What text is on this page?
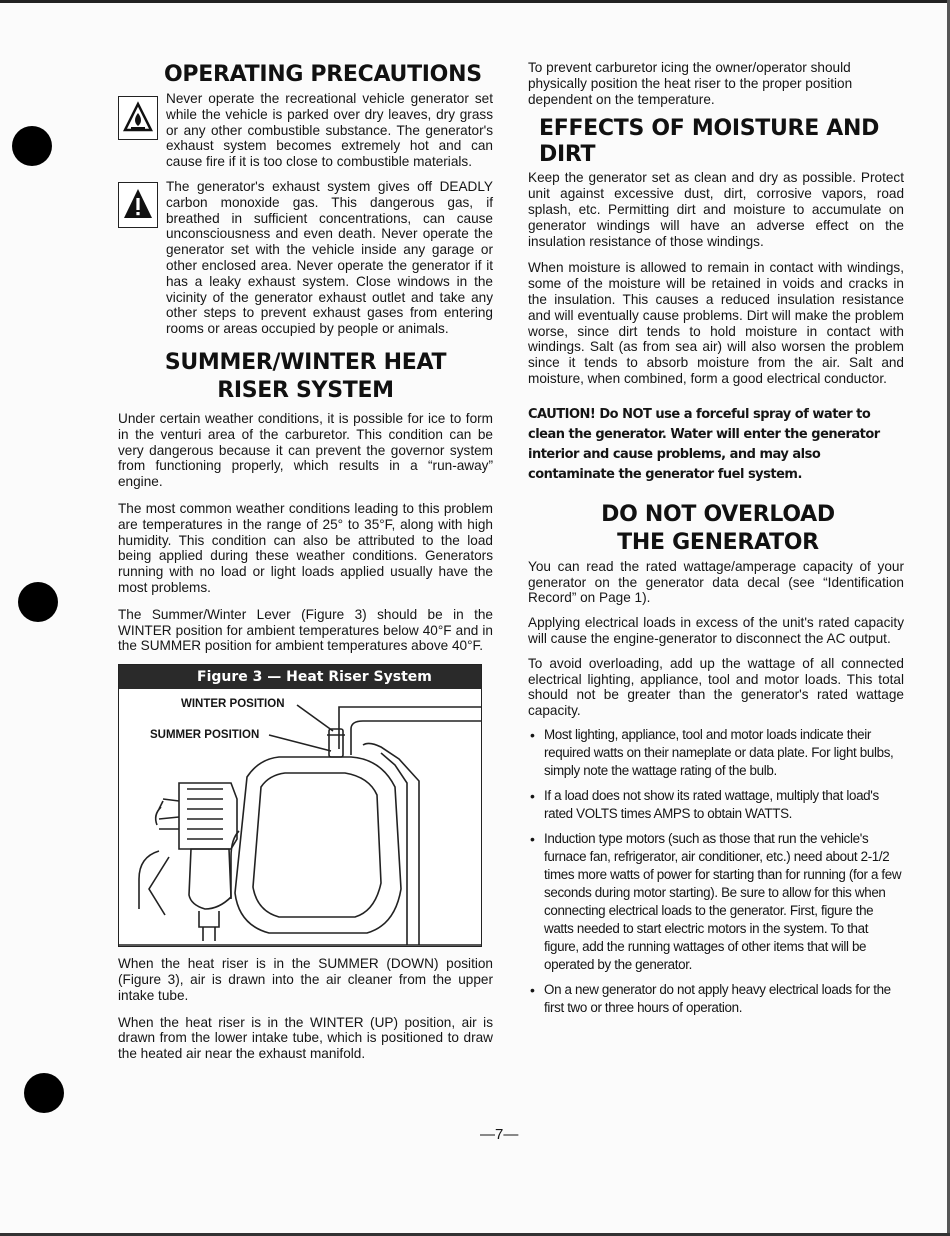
OPERATING PRECAUTIONS

Never operate the recreational vehicle generator set while the vehicle is parked over dry leaves, dry grass or any other combustible substance. The generator's exhaust system becomes extremely hot and can cause fire if it is too close to combustible materials.

The generator's exhaust system gives off DEADLY carbon monoxide gas. This dangerous gas, if breathed in sufficient concentrations, can cause unconsciousness and even death. Never operate the generator set with the vehicle inside any garage or other enclosed area. Never operate the generator if it has a leaky exhaust system. Close windows in the vicinity of the generator exhaust outlet and take any other steps to prevent exhaust gases from entering rooms or areas occupied by people or animals.

SUMMER/WINTER HEAT RISER SYSTEM

Under certain weather conditions, it is possible for ice to form in the venturi area of the carburetor. This condition can be very dangerous because it can prevent the governor system from functioning properly, which results in a “run-away” engine.

The most common weather conditions leading to this problem are temperatures in the range of 25° to 35°F, along with high humidity. This condition can also be attributed to the load being applied during these weather conditions. Generators running with no load or light loads applied usually have the most problems.

The Summer/Winter Lever (Figure 3) should be in the WINTER position for ambient temperatures below 40°F and in the SUMMER position for ambient temperatures above 40°F.

Figure 3 — Heat Riser System
WINTER POSITION
SUMMER POSITION

When the heat riser is in the SUMMER (DOWN) position (Figure 3), air is drawn into the air cleaner from the upper intake tube.

When the heat riser is in the WINTER (UP) position, air is drawn from the lower intake tube, which is positioned to draw the heated air near the exhaust manifold.

To prevent carburetor icing the owner/operator should physically position the heat riser to the proper position dependent on the temperature.

EFFECTS OF MOISTURE AND DIRT

Keep the generator set as clean and dry as possible. Protect unit against excessive dust, dirt, corrosive vapors, road splash, etc. Permitting dirt and moisture to accumulate on generator windings will have an adverse effect on the insulation resistance of those windings.

When moisture is allowed to remain in contact with windings, some of the moisture will be retained in voids and cracks in the insulation. This causes a reduced insulation resistance and will eventually cause problems. Dirt will make the problem worse, since dirt tends to hold moisture in contact with windings. Salt (as from sea air) will also worsen the problem since it tends to absorb moisture from the air. Salt and moisture, when combined, form a good electrical conductor.

CAUTION! Do NOT use a forceful spray of water to clean the generator. Water will enter the generator interior and cause problems, and may also contaminate the generator fuel system.

DO NOT OVERLOAD THE GENERATOR

You can read the rated wattage/amperage capacity of your generator on the generator data decal (see “Identification Record” on Page 1).

Applying electrical loads in excess of the unit's rated capacity will cause the engine-generator to disconnect the AC output.

To avoid overloading, add up the wattage of all connected electrical lighting, appliance, tool and motor loads. This total should not be greater than the generator's rated wattage capacity.

• Most lighting, appliance, tool and motor loads indicate their required watts on their nameplate or data plate. For light bulbs, simply note the wattage rating of the bulb.
• If a load does not show its rated wattage, multiply that load's rated VOLTS times AMPS to obtain WATTS.
• Induction type motors (such as those that run the vehicle's furnace fan, refrigerator, air conditioner, etc.) need about 2-1/2 times more watts of power for starting than for running (for a few seconds during motor starting). Be sure to allow for this when connecting electrical loads to the generator. First, figure the watts needed to start electric motors in the system. To that figure, add the running wattages of other items that will be operated by the generator.
• On a new generator do not apply heavy electrical loads for the first two or three hours of operation.
—7—
